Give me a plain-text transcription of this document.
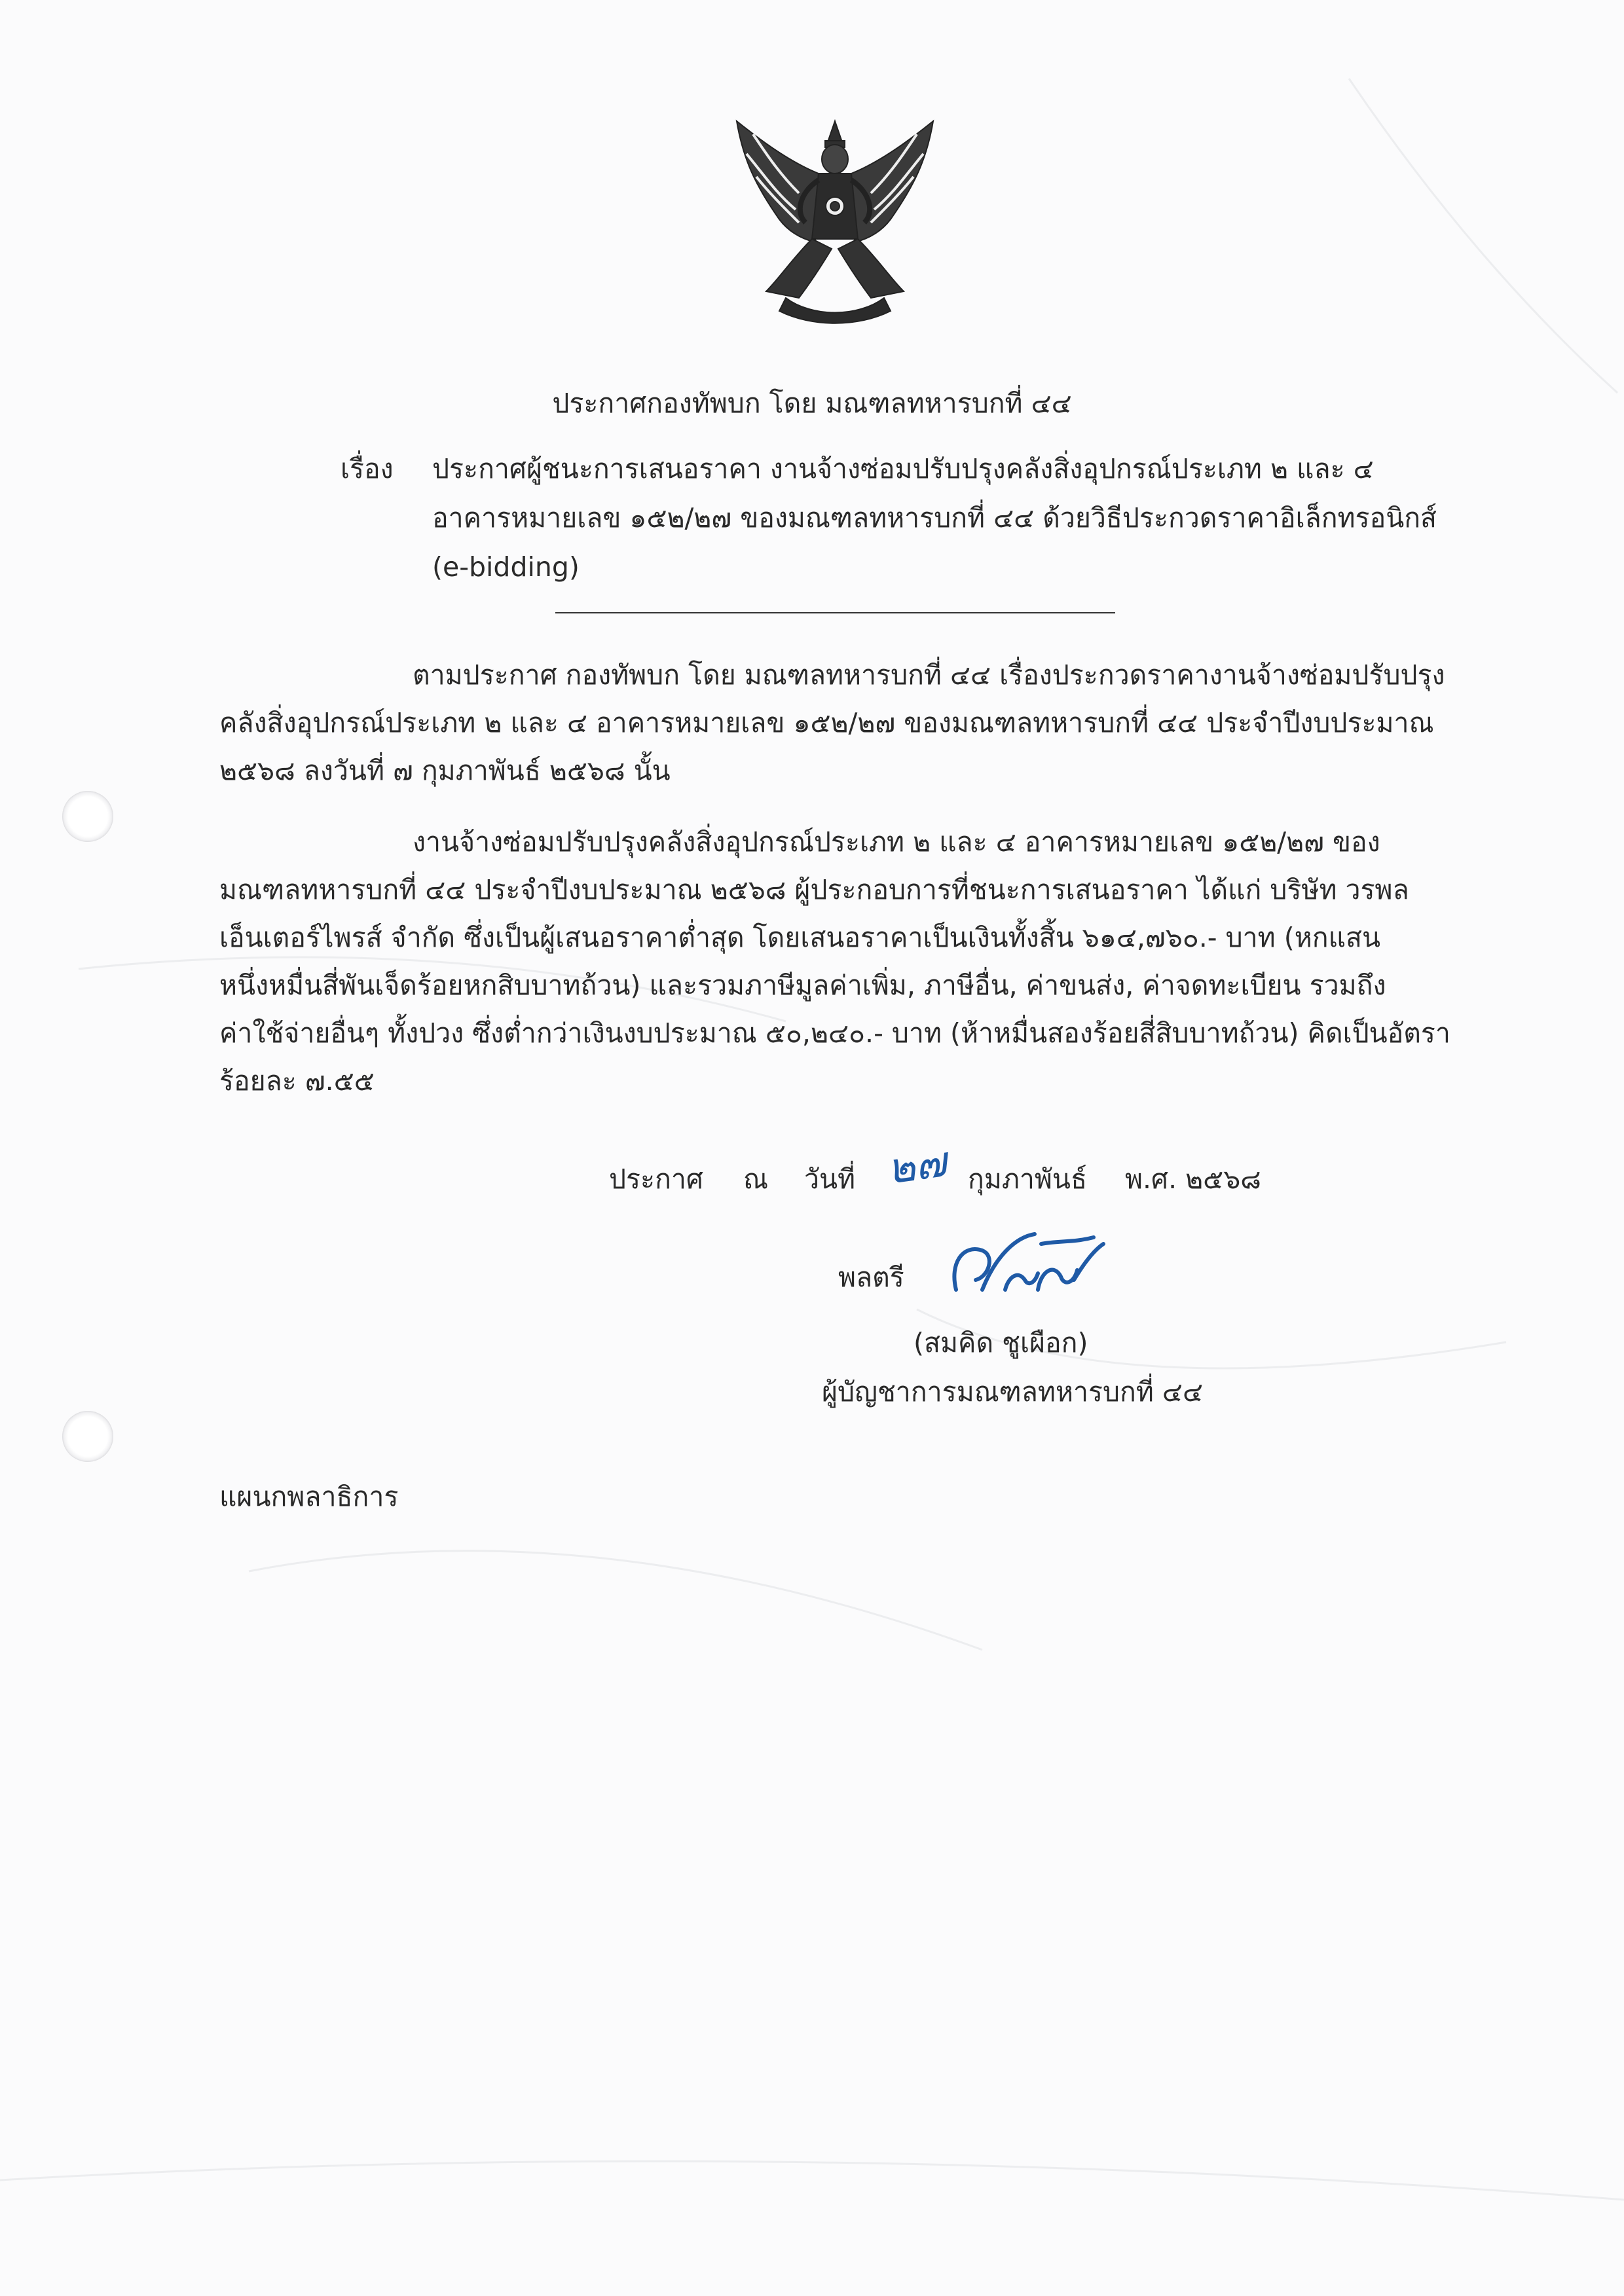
ประกาศกองทัพบก โดย มณฑลทหารบกที่ ๔๔
เรื่อง ประกาศผู้ชนะการเสนอราคา งานจ้างซ่อมปรับปรุงคลังสิ่งอุปกรณ์ประเภท ๒ และ ๔
อาคารหมายเลข ๑๕๒/๒๗ ของมณฑลทหารบกที่ ๔๔ ด้วยวิธีประกวดราคาอิเล็กทรอนิกส์
(e-bidding)
ตามประกาศ กองทัพบก โดย มณฑลทหารบกที่ ๔๔ เรื่องประกวดราคางานจ้างซ่อมปรับปรุง
คลังสิ่งอุปกรณ์ประเภท ๒ และ ๔ อาคารหมายเลข ๑๕๒/๒๗ ของมณฑลทหารบกที่ ๔๔ ประจำปีงบประมาณ
๒๕๖๘ ลงวันที่ ๗ กุมภาพันธ์ ๒๕๖๘ นั้น
งานจ้างซ่อมปรับปรุงคลังสิ่งอุปกรณ์ประเภท ๒ และ ๔ อาคารหมายเลข ๑๕๒/๒๗ ของ
มณฑลทหารบกที่ ๔๔ ประจำปีงบประมาณ ๒๕๖๘ ผู้ประกอบการที่ชนะการเสนอราคา ได้แก่ บริษัท วรพล
เอ็นเตอร์ไพรส์ จำกัด ซึ่งเป็นผู้เสนอราคาต่ำสุด โดยเสนอราคาเป็นเงินทั้งสิ้น ๖๑๔,๗๖๐.- บาท (หกแสน
หนึ่งหมื่นสี่พันเจ็ดร้อยหกสิบบาทถ้วน) และรวมภาษีมูลค่าเพิ่ม, ภาษีอื่น, ค่าขนส่ง, ค่าจดทะเบียน รวมถึง
ค่าใช้จ่ายอื่นๆ ทั้งปวง ซึ่งต่ำกว่าเงินงบประมาณ ๕๐,๒๔๐.- บาท (ห้าหมื่นสองร้อยสี่สิบบาทถ้วน) คิดเป็นอัตรา
ร้อยละ ๗.๕๕
ประกาศ ณ วันที่ ๒๗ กุมภาพันธ์ พ.ศ. ๒๕๖๘
พลตรี
(สมคิด ชูเผือก)
ผู้บัญชาการมณฑลทหารบกที่ ๔๔
แผนกพลาธิการ
